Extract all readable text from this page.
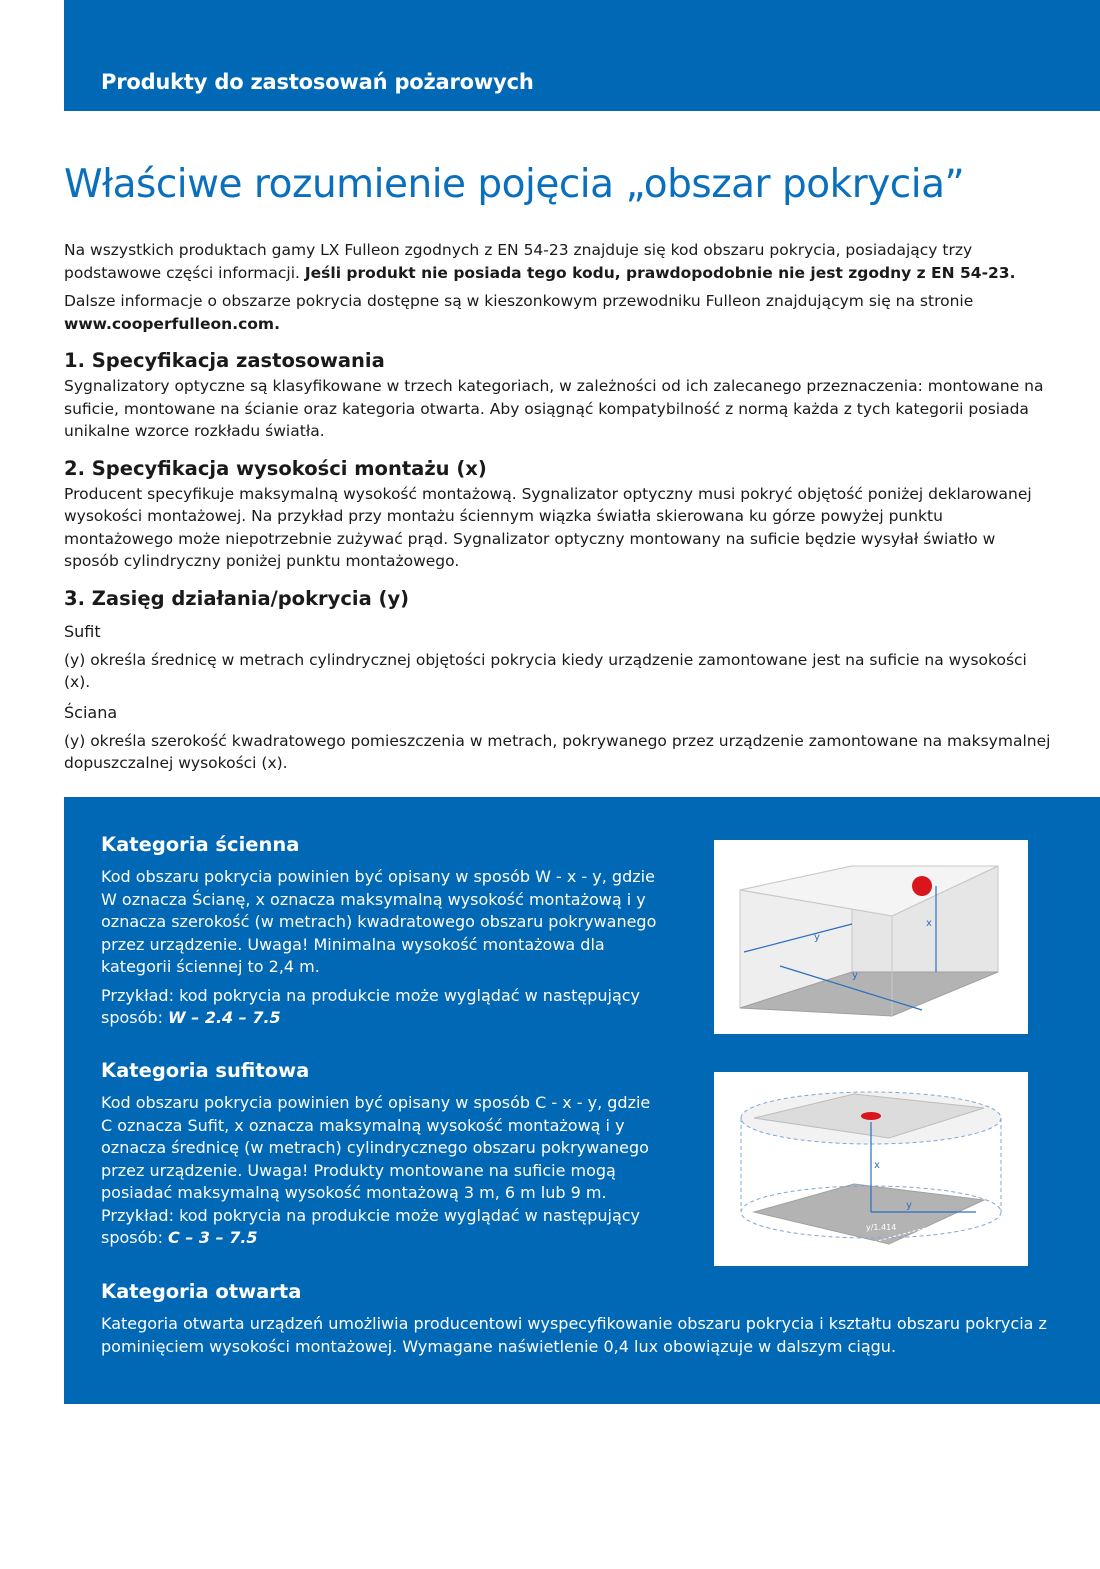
Produkty do zastosowań pożarowych
Właściwe rozumienie pojęcia „obszar pokrycia”

Na wszystkich produktach gamy LX Fulleon zgodnych z EN 54-23 znajduje się kod obszaru pokrycia, posiadający trzy podstawowe części informacji. Jeśli produkt nie posiada tego kodu, prawdopodobnie nie jest zgodny z EN 54-23.

Dalsze informacje o obszarze pokrycia dostępne są w kieszonkowym przewodniku Fulleon znajdującym się na stronie www.cooperfulleon.com.

1. Specyfikacja zastosowania

Sygnalizatory optyczne są klasyfikowane w trzech kategoriach, w zależności od ich zalecanego przeznaczenia: montowane na suficie, montowane na ścianie oraz kategoria otwarta. Aby osiągnąć kompatybilność z normą każda z tych kategorii posiada unikalne wzorce rozkładu światła.

2. Specyfikacja wysokości montażu (x)

Producent specyfikuje maksymalną wysokość montażową. Sygnalizator optyczny musi pokryć objętość poniżej deklarowanej wysokości montażowej. Na przykład przy montażu ściennym wiązka światła skierowana ku górze powyżej punktu montażowego może niepotrzebnie zużywać prąd. Sygnalizator optyczny montowany na suficie będzie wysyłał światło w sposób cylindryczny poniżej punktu montażowego.

3. Zasięg działania/pokrycia (y)

Sufit

(y) określa średnicę w metrach cylindrycznej objętości pokrycia kiedy urządzenie zamontowane jest na suficie na wysokości (x).

Ściana

(y) określa szerokość kwadratowego pomieszczenia w metrach, pokrywanego przez urządzenie zamontowane na maksymalnej dopuszczalnej wysokości (x).

Kategoria ścienna

Kod obszaru pokrycia powinien być opisany w sposób W - x - y, gdzie W oznacza Ścianę, x oznacza maksymalną wysokość montażową i y oznacza szerokość (w metrach) kwadratowego obszaru pokrywanego przez urządzenie. Uwaga! Minimalna wysokość montażowa dla kategorii ściennej to 2,4 m.

Przykład: kod pokrycia na produkcie może wyglądać w następujący sposób: W – 2.4 – 7.5

Kategoria sufitowa

Kod obszaru pokrycia powinien być opisany w sposób C - x - y, gdzie C oznacza Sufit, x oznacza maksymalną wysokość montażową i y oznacza średnicę (w metrach) cylindrycznego obszaru pokrywanego przez urządzenie. Uwaga! Produkty montowane na suficie mogą posiadać maksymalną wysokość montażową 3 m, 6 m lub 9 m. Przykład: kod pokrycia na produkcie może wyglądać w następujący sposób: C – 3 – 7.5

Kategoria otwarta

Kategoria otwarta urządzeń umożliwia producentowi wyspecyfikowanie obszaru pokrycia i kształtu obszaru pokrycia z pominięciem wysokości montażowej. Wymagane naświetlenie 0,4 lux obowiązuje w dalszym ciągu.

x
y
y
x
y
y/1.414
